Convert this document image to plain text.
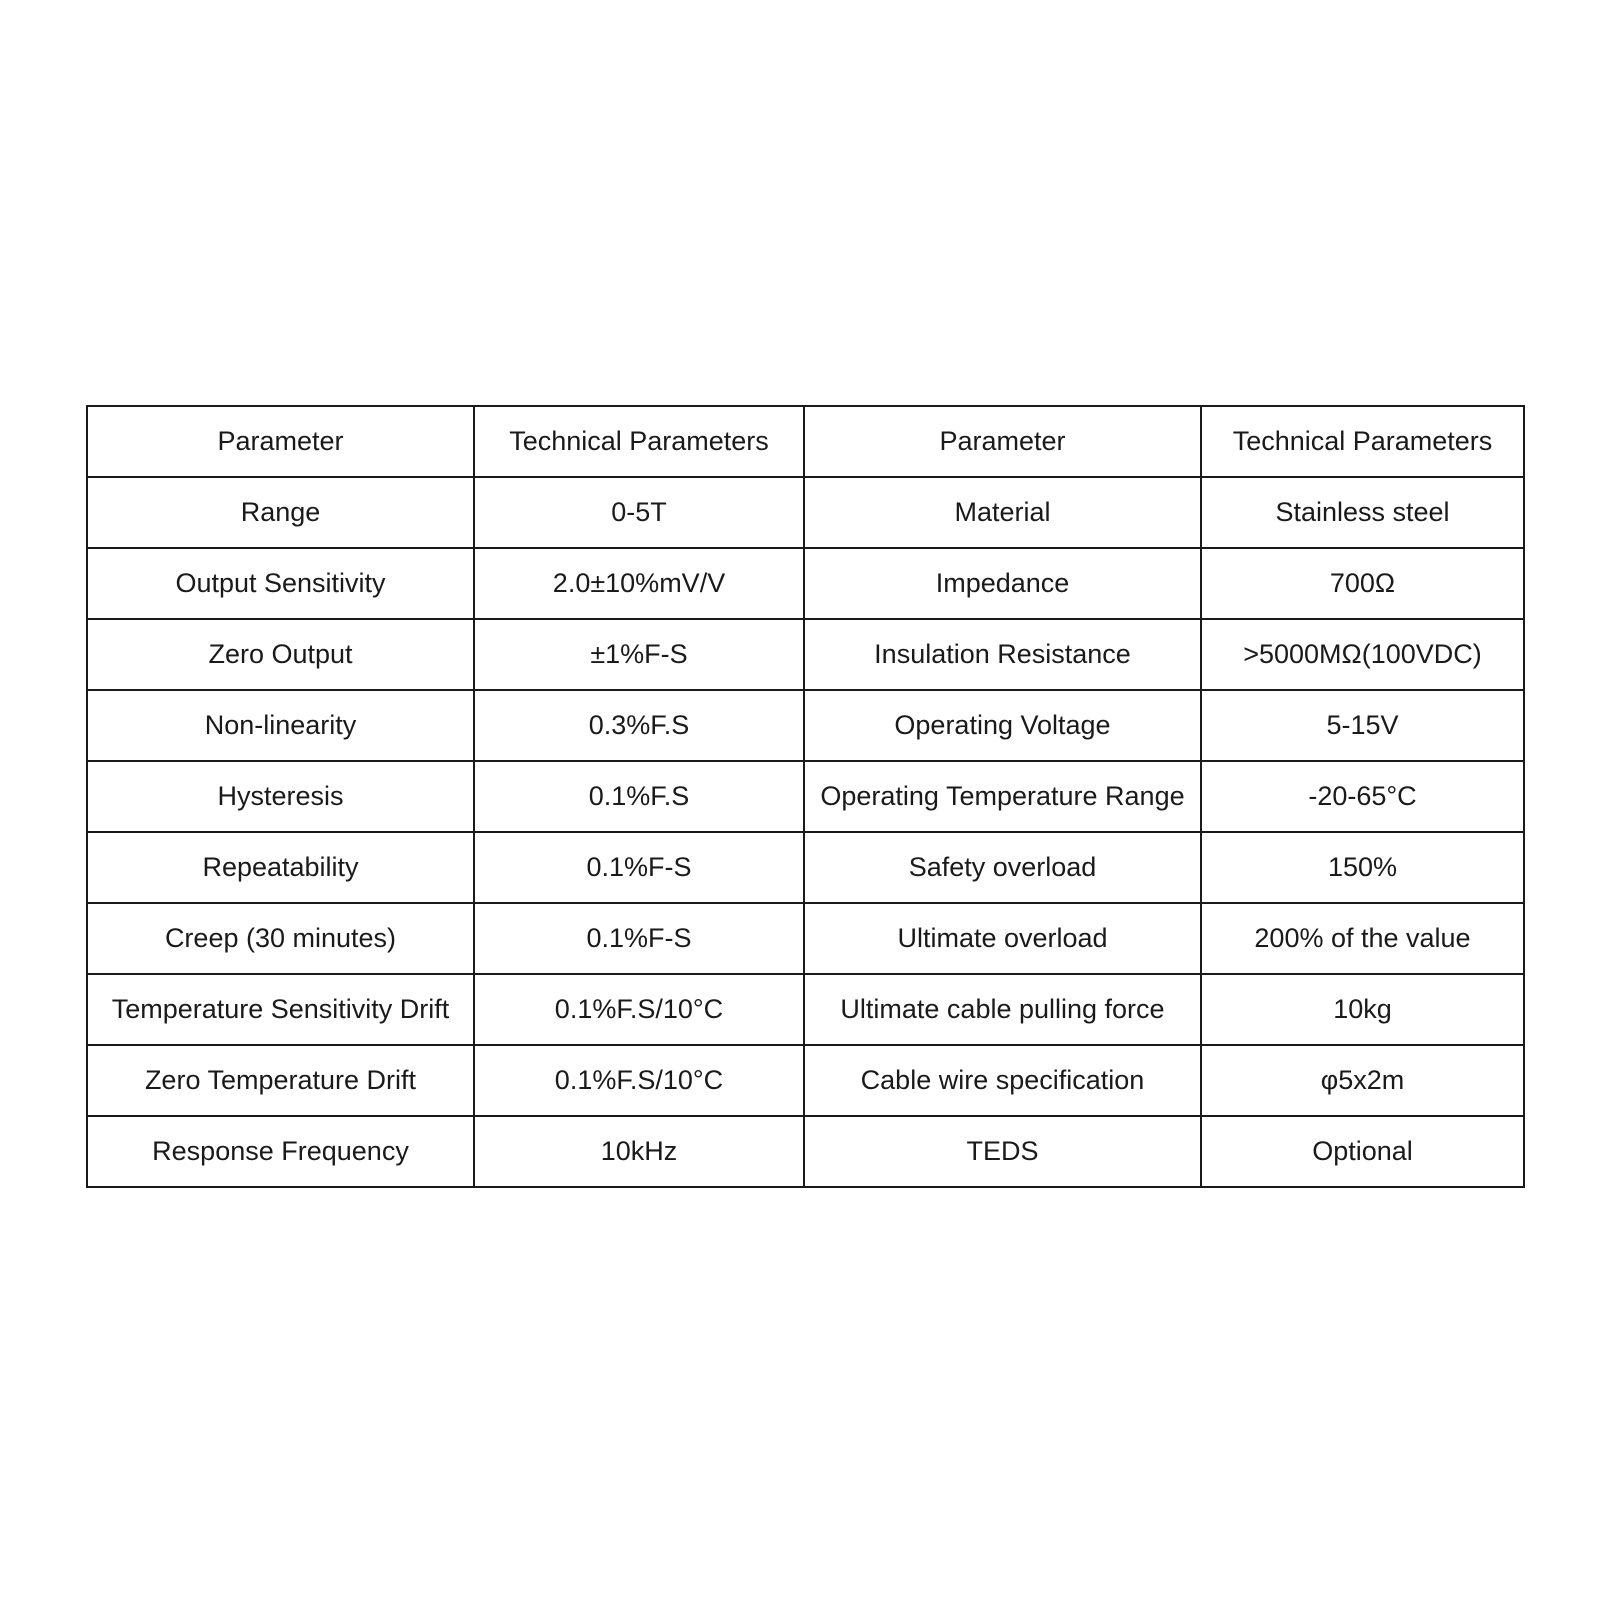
Parameter	Technical Parameters	Parameter	Technical Parameters
Range	0-5T	Material	Stainless steel
Output Sensitivity	2.0±10%mV/V	Impedance	700Ω
Zero Output	±1%F-S	Insulation Resistance	>5000MΩ(100VDC)
Non-linearity	0.3%F.S	Operating Voltage	5-15V
Hysteresis	0.1%F.S	Operating Temperature Range	-20-65°C
Repeatability	0.1%F-S	Safety overload	150%
Creep (30 minutes)	0.1%F-S	Ultimate overload	200% of the value
Temperature Sensitivity Drift	0.1%F.S/10°C	Ultimate cable pulling force	10kg
Zero Temperature Drift	0.1%F.S/10°C	Cable wire specification	φ5x2m
Response Frequency	10kHz	TEDS	Optional
